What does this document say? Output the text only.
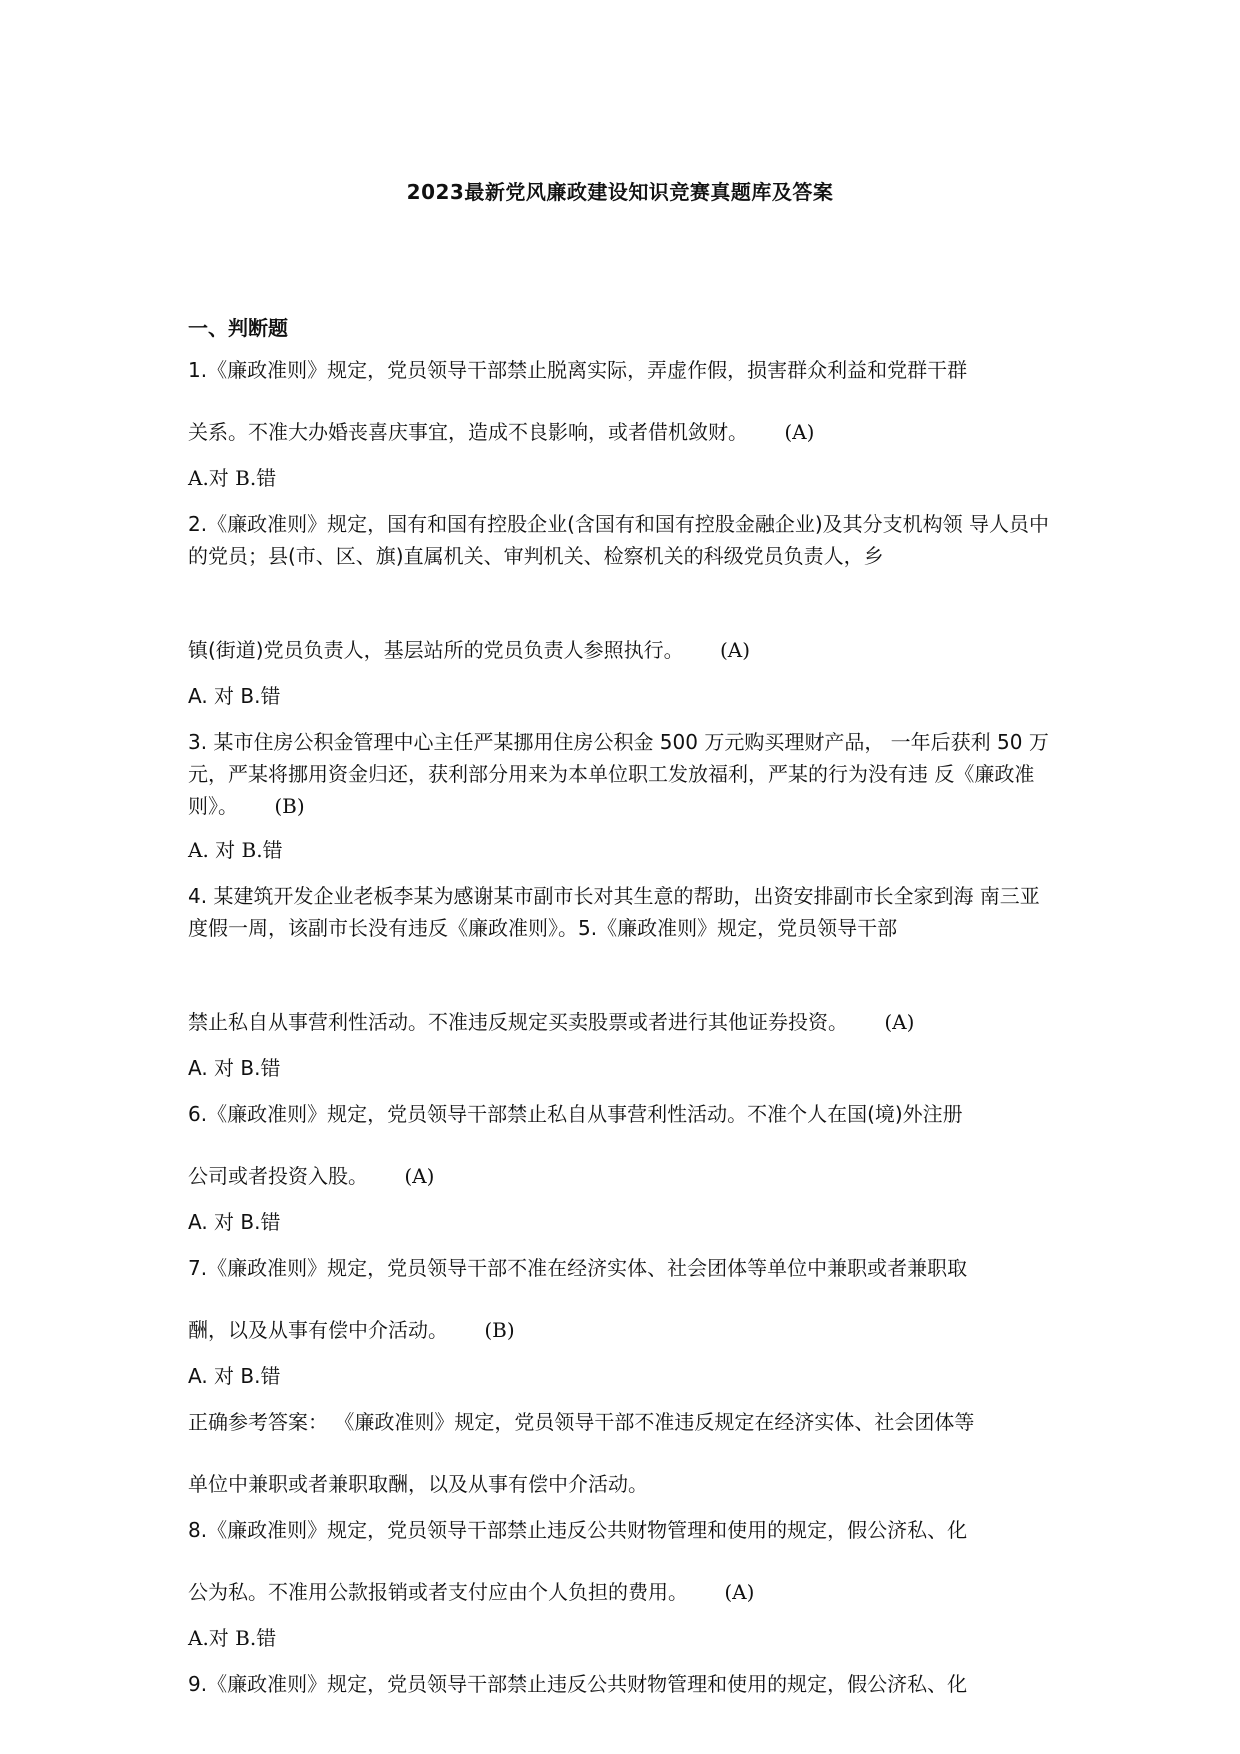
2023最新党风廉政建设知识竞赛真题库及答案
一、判断题
1.《廉政准则》规定，党员领导干部禁止脱离实际，弄虚作假，损害群众利益和党群干群
关系。不准大办婚丧喜庆事宜，造成不良影响，或者借机敛财。 (A)
A.对 B.错
2.《廉政准则》规定，国有和国有控股企业(含国有和国有控股金融企业)及其分支机构领 导人员中的党员；县(市、区、旗)直属机关、审判机关、检察机关的科级党员负责人，乡
镇(街道)党员负责人，基层站所的党员负责人参照执行。 (A)
A. 对 B.错
3. 某市住房公积金管理中心主任严某挪用住房公积金 500 万元购买理财产品， 一年后获利 50 万元，严某将挪用资金归还，获利部分用来为本单位职工发放福利，严某的行为没有违 反《廉政准则》。 (B)
A. 对 B.错
4. 某建筑开发企业老板李某为感谢某市副市长对其生意的帮助，出资安排副市长全家到海 南三亚度假一周，该副市长没有违反《廉政准则》。5.《廉政准则》规定，党员领导干部
禁止私自从事营利性活动。不准违反规定买卖股票或者进行其他证券投资。 (A)
A. 对 B.错
6.《廉政准则》规定，党员领导干部禁止私自从事营利性活动。不准个人在国(境)外注册
公司或者投资入股。 (A)
A. 对 B.错
7.《廉政准则》规定，党员领导干部不准在经济实体、社会团体等单位中兼职或者兼职取
酬，以及从事有偿中介活动。 (B)
A. 对 B.错
正确参考答案： 《廉政准则》规定，党员领导干部不准违反规定在经济实体、社会团体等
单位中兼职或者兼职取酬，以及从事有偿中介活动。
8.《廉政准则》规定，党员领导干部禁止违反公共财物管理和使用的规定，假公济私、化
公为私。不准用公款报销或者支付应由个人负担的费用。 (A)
A.对 B.错
9.《廉政准则》规定，党员领导干部禁止违反公共财物管理和使用的规定，假公济私、化
